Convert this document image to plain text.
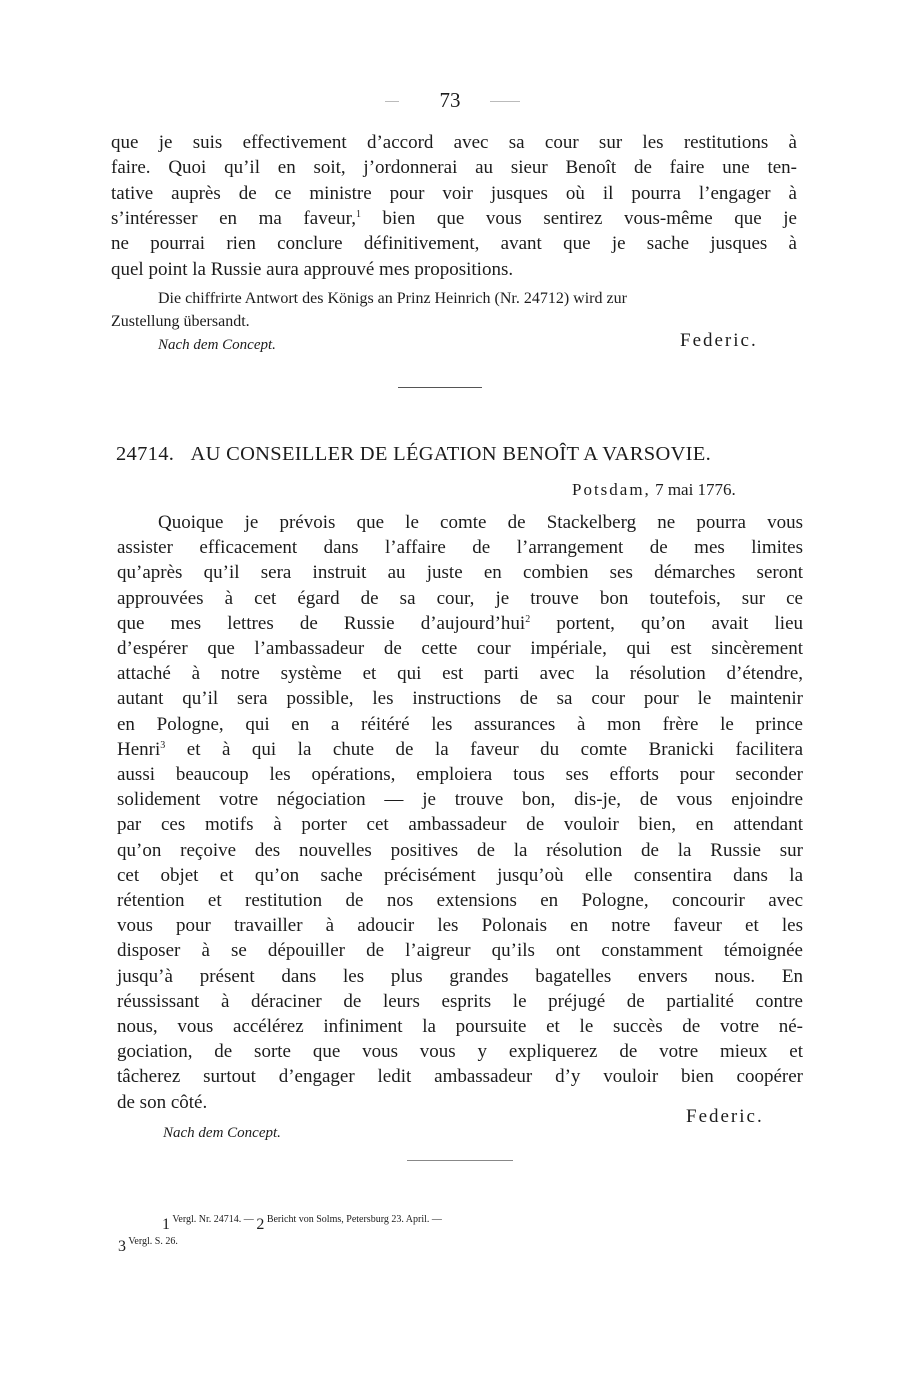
73
que je suis effectivement d’accord avec sa cour sur les restitutions à
faire. Quoi qu’il en soit, j’ordonnerai au sieur Benoît de faire une ten-
tative auprès de ce ministre pour voir jusques où il pourra l’engager à
s’intéresser en ma faveur,$^1$ bien que vous sentirez vous-même que je
ne pourrai rien conclure définitivement, avant que je sache jusques à
quel point la Russie aura approuvé mes propositions.
Die chiffrirte Antwort des Königs an Prinz Heinrich (Nr. 24712) wird zur
Zustellung übersandt.
Nach dem Concept.	Federic.
24714. AU CONSEILLER DE LÉGATION BENOÎT A VARSOVIE.
Potsdam, 7 mai 1776.
Quoique je prévois que le comte de Stackelberg ne pourra vous
assister efficacement dans l’affaire de l’arrangement de mes limites
qu’après qu’il sera instruit au juste en combien ses démarches seront
approuvées à cet égard de sa cour, je trouve bon toutefois, sur ce
que mes lettres de Russie d’aujourd’hui$^2$ portent, qu’on avait lieu
d’espérer que l’ambassadeur de cette cour impériale, qui est sincèrement
attaché à notre système et qui est parti avec la résolution d’étendre,
autant qu’il sera possible, les instructions de sa cour pour le maintenir
en Pologne, qui en a réitéré les assurances à mon frère le prince
Henri$^3$ et à qui la chute de la faveur du comte Branicki facilitera
aussi beaucoup les opérations, emploiera tous ses efforts pour seconder
solidement votre négociation — je trouve bon, dis-je, de vous enjoindre
par ces motifs à porter cet ambassadeur de vouloir bien, en attendant
qu’on reçoive des nouvelles positives de la résolution de la Russie sur
cet objet et qu’on sache précisément jusqu’où elle consentira dans la
rétention et restitution de nos extensions en Pologne, concourir avec
vous pour travailler à adoucir les Polonais en notre faveur et les
disposer à se dépouiller de l’aigreur qu’ils ont constamment témoignée
jusqu’à présent dans les plus grandes bagatelles envers nous. En
réussissant à déraciner de leurs esprits le préjugé de partialité contre
nous, vous accélérez infiniment la poursuite et le succès de votre né-
gociation, de sorte que vous vous y expliquerez de votre mieux et
tâcherez surtout d’engager ledit ambassadeur d’y vouloir bien coopérer
de son côté.
Federic.
Nach dem Concept.
1 $^{Vergl. Nr. 24714. —}$ 2 $^{Bericht von Solms, Petersburg 23. April. —}$
3 $^{Vergl. S. 26.}$
